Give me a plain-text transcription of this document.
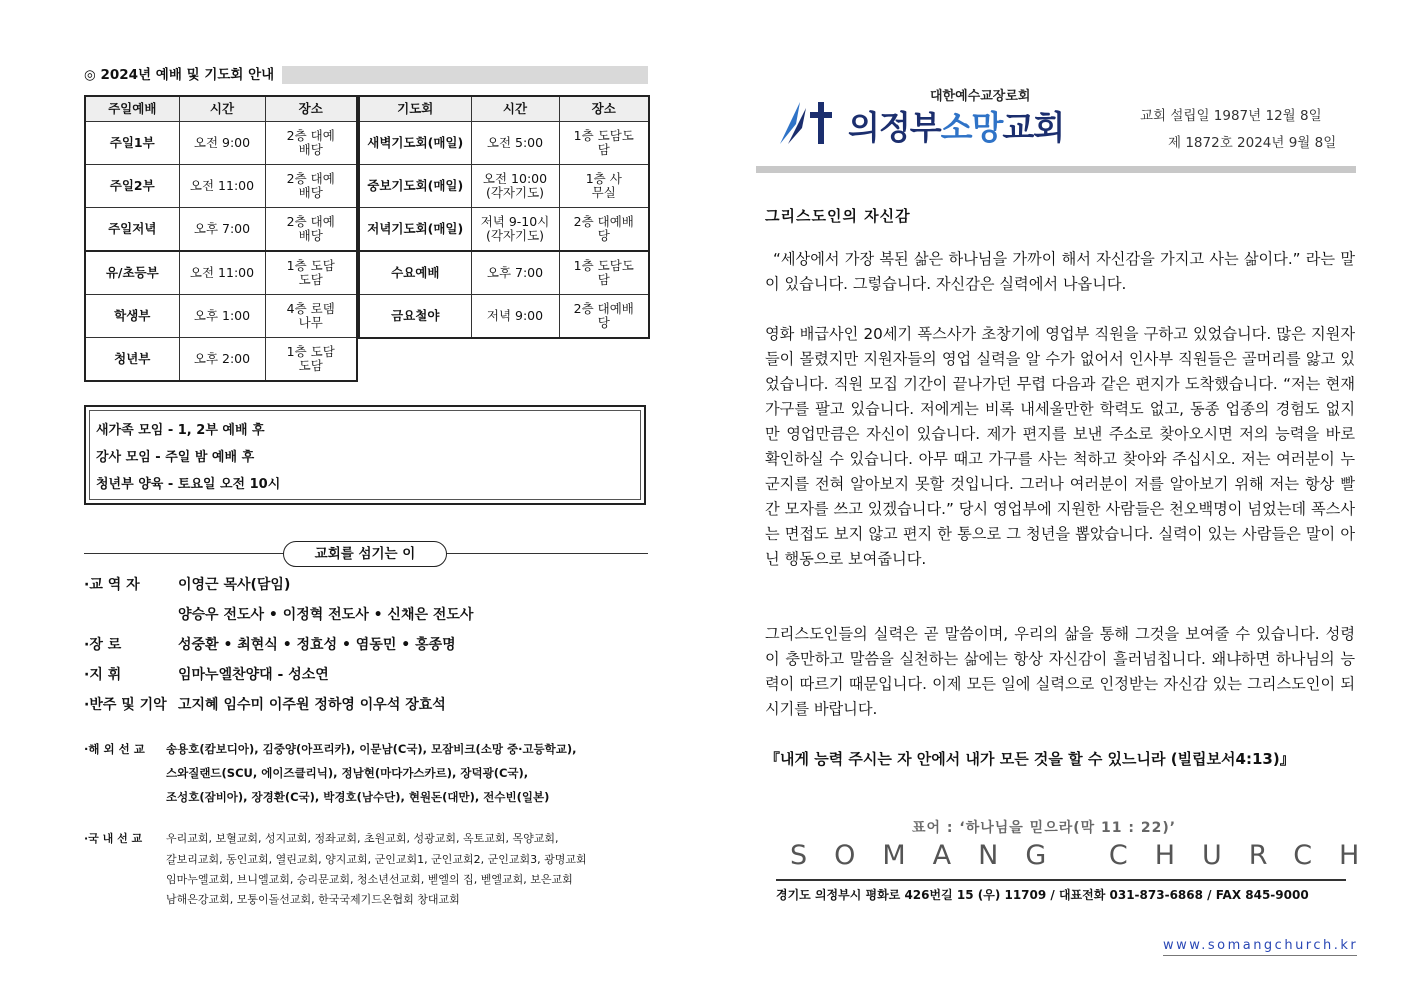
◎ 2024년 예배 및 기도회 안내
주일예배	시간	장소
주일1부	오전 9:00	2층 대예배당
주일2부	오전 11:00	2층 대예배당
주일저녁	오후 7:00	2층 대예배당
유/초등부	오전 11:00	1층 도담도담
학생부	오후 1:00	4층 로뎀나무
청년부	오후 2:00	1층 도담도담
기도회	시간	장소
새벽기도회(매일)	오전 5:00	1층 도담도담
중보기도회(매일)	오전 10:00 (각자기도)	1층 사무실
저녁기도회(매일)	저녁 9-10시 (각자기도)	2층 대예배당
수요예배	오후 7:00	1층 도담도담
금요철야	저녁 9:00	2층 대예배당

새가족 모임 - 1, 2부 예배 후
강사 모임 - 주일 밤 예배 후
청년부 양육 - 토요일 오전 10시
교회를 섬기는 이
·교 역 자	이영근 목사(담임)
양승우 전도사 • 이정혁 전도사 • 신채은 전도사
·장 로	성중환 • 최현식 • 정효성 • 염동민 • 홍종명
·지 휘	임마누엘찬양대 - 성소연
·반주 및 기악 고지혜 임수미 이주원 정하영 이우석 장효석
·해 외 선 교 송용호(캄보디아), 김중양(아프리카), 이문남(C국), 모잠비크(소망 중·고등학교),
스와질랜드(SCU, 에이즈클리닉), 정남현(마다가스카르), 장덕광(C국),
조성호(잠비아), 장경환(C국), 박경호(남수단), 현원돈(대만), 전수빈(일본)
·국 내 선 교 우리교회, 보혈교회, 성지교회, 정좌교회, 초원교회, 성광교회, 옥토교회, 목양교회,
갈보리교회, 동인교회, 열린교회, 양지교회, 군인교회1, 군인교회2, 군인교회3, 광명교회
임마누엘교회, 브니엘교회, 승리문교회, 청소년선교회, 벧엘의 집, 벧엘교회, 보은교회
남해은강교회, 모퉁이돌선교회, 한국국제기드온협회 창대교회
대한예수교장로회
의정부소망교회	교회 설립일 1987년 12월 8일
제 1872호 2024년 9월 8일
그리스도인의 자신감
“세상에서 가장 복된 삶은 하나님을 가까이 해서 자신감을 가지고 사는 삶이다.” 라는 말이 있습니다. 그렇습니다. 자신감은 실력에서 나옵니다.
영화 배급사인 20세기 폭스사가 초창기에 영업부 직원을 구하고 있었습니다. 많은 지원자들이 몰렸지만 지원자들의 영업 실력을 알 수가 없어서 인사부 직원들은 골머리를 앓고 있었습니다. 직원 모집 기간이 끝나가던 무렵 다음과 같은 편지가 도착했습니다. “저는 현재 가구를 팔고 있습니다. 저에게는 비록 내세울만한 학력도 없고, 동종 업종의 경험도 없지만 영업만큼은 자신이 있습니다. 제가 편지를 보낸 주소로 찾아오시면 저의 능력을 바로 확인하실 수 있습니다. 아무 때고 가구를 사는 척하고 찾아와 주십시오. 저는 여러분이 누군지를 전혀 알아보지 못할 것입니다. 그러나 여러분이 저를 알아보기 위해 저는 항상 빨간 모자를 쓰고 있겠습니다.” 당시 영업부에 지원한 사람들은 천오백명이 넘었는데 폭스사는 면접도 보지 않고 편지 한 통으로 그 청년을 뽑았습니다. 실력이 있는 사람들은 말이 아닌 행동으로 보여줍니다.
그리스도인들의 실력은 곧 말씀이며, 우리의 삶을 통해 그것을 보여줄 수 있습니다. 성령이 충만하고 말씀을 실천하는 삶에는 항상 자신감이 흘러넘칩니다. 왜냐하면 하나님의 능력이 따르기 때문입니다. 이제 모든 일에 실력으로 인정받는 자신감 있는 그리스도인이 되시기를 바랍니다.
『내게 능력 주시는 자 안에서 내가 모든 것을 할 수 있느니라 (빌립보서4:13)』
표어 : ‘하나님을 믿으라(막 11 : 22)’
SOMANG CHURCH
경기도 의정부시 평화로 426번길 15 (우) 11709 / 대표전화 031-873-6868 / FAX 845-9000
www.somangchurch.kr
